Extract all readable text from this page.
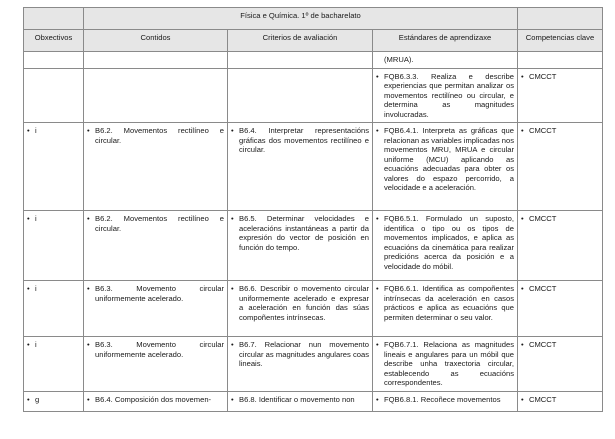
	Física e Química. 1º de bacharelato			
Obxectivos	Contidos	Criterios de avaliación	Estándares de aprendizaxe	Competencias clave

			(MRUA).	

			• FQB6.3.3. Realiza e describe experiencias que permitan analizar os movementos rectilíneo ou circular, e determina as magnitudes involucradas.	• CMCCT

• i	• B6.2. Movementos rectilíneo e circular.	• B6.4. Interpretar representacións gráficas dos movementos rectilíneo e circular.	• FQB6.4.1. Interpreta as gráficas que relacionan as variables implicadas nos movementos MRU, MRUA e circular uniforme (MCU) aplicando as ecuacións adecuadas para obter os valores do espazo percorrido, a velocidade e a aceleración.	• CMCCT

• i	• B6.2. Movementos rectilíneo e circular.	• B6.5. Determinar velocidades e aceleracións instantáneas a partir da expresión do vector de posición en función do tempo.	• FQB6.5.1. Formulado un suposto, identifica o tipo ou os tipos de movementos implicados, e aplica as ecuacións da cinemática para realizar predicións acerca da posición e a velocidade do móbil.	• CMCCT

• i	• B6.3. Movemento circular uniformemente acelerado.	• B6.6. Describir o movemento circular uniformemente acelerado e expresar a aceleración en función das súas compoñentes intrínsecas.	• FQB6.6.1. Identifica as compoñentes intrínsecas da aceleración en casos prácticos e aplica as ecuacións que permiten determinar o seu valor.	• CMCCT

• i	• B6.3. Movemento circular uniformemente acelerado.	• B6.7. Relacionar nun movemento circular as magnitudes angulares coas lineais.	• FQB6.7.1. Relaciona as magnitudes lineais e angulares para un móbil que describe unha traxectoria circular, establecendo as ecuacións correspondentes.	• CMCCT

• g	• B6.4. Composición dos movemen-	• B6.8. Identificar o movemento non	• FQB6.8.1. Recoñece movementos	• CMCCT
